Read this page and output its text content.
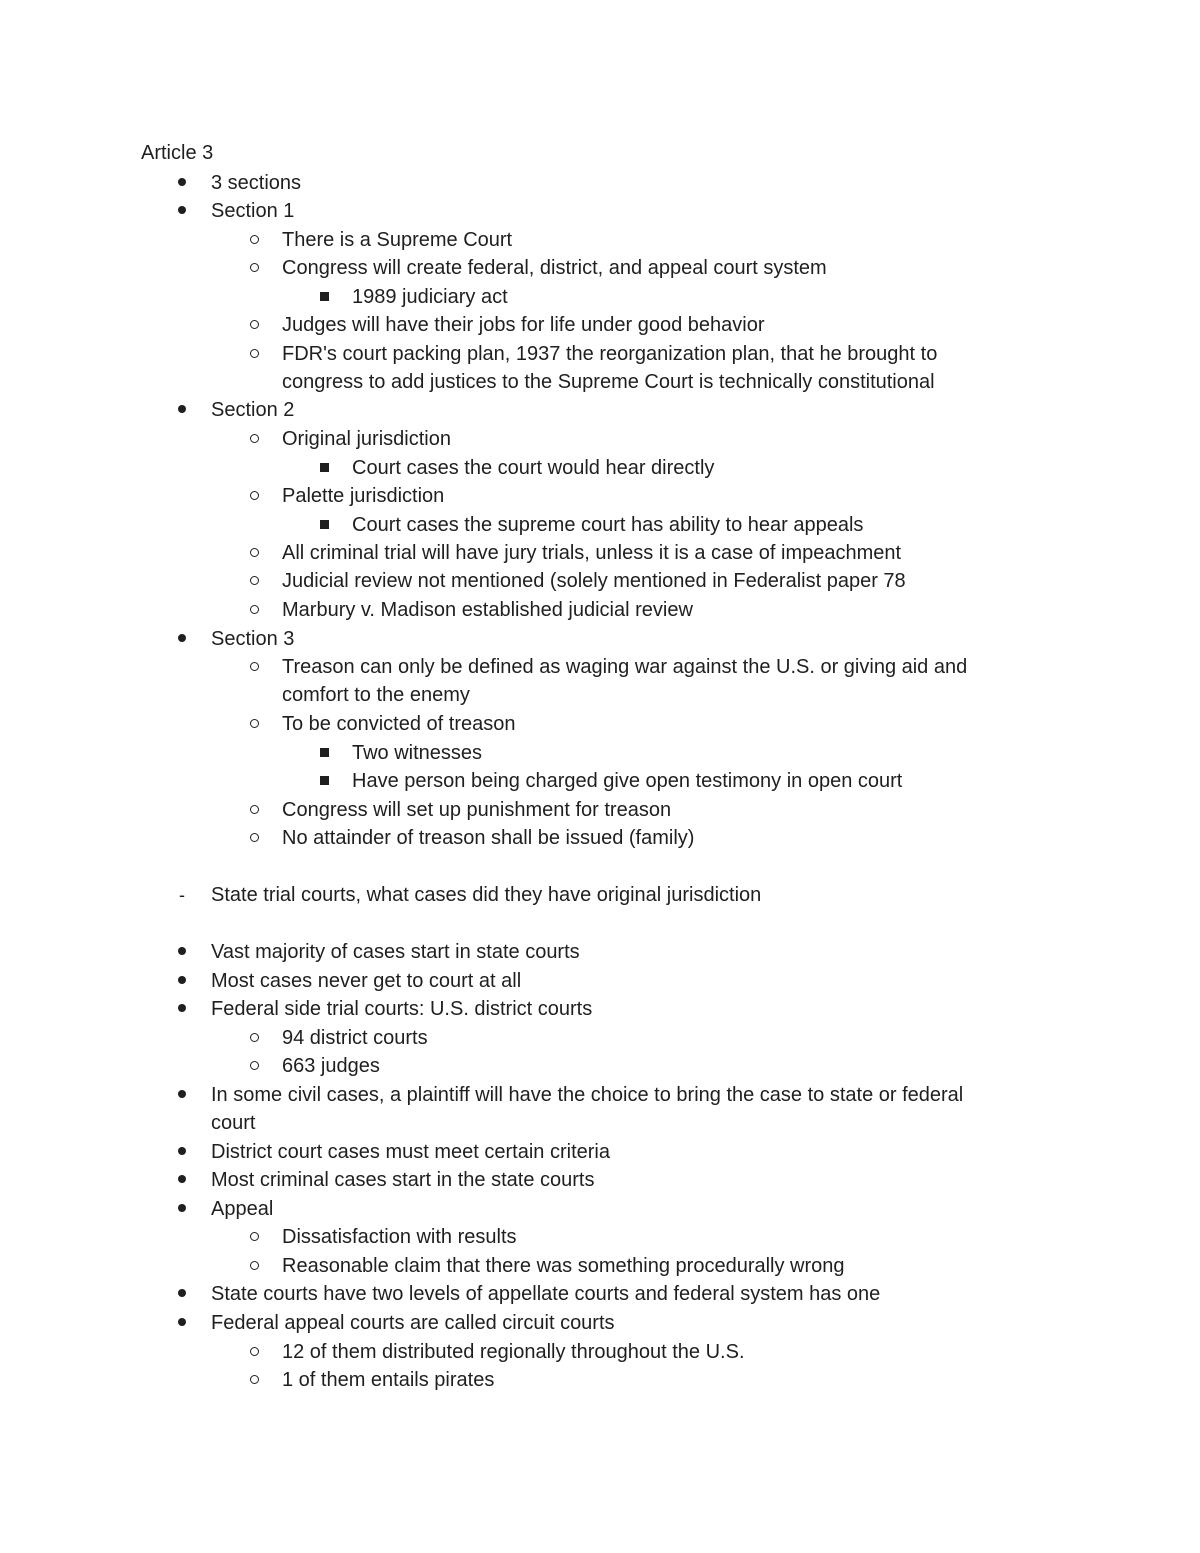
Article 3
3 sections
Section 1
There is a Supreme Court
Congress will create federal, district, and appeal court system
1989 judiciary act
Judges will have their jobs for life under good behavior
FDR's court packing plan, 1937 the reorganization plan, that he brought to
congress to add justices to the Supreme Court is technically constitutional
Section 2
Original jurisdiction
Court cases the court would hear directly
Palette jurisdiction
Court cases the supreme court has ability to hear appeals
All criminal trial will have jury trials, unless it is a case of impeachment
Judicial review not mentioned (solely mentioned in Federalist paper 78
Marbury v. Madison established judicial review
Section 3
Treason can only be defined as waging war against the U.S. or giving aid and
comfort to the enemy
To be convicted of treason
Two witnesses
Have person being charged give open testimony in open court
Congress will set up punishment for treason
No attainder of treason shall be issued (family)
-	State trial courts, what cases did they have original jurisdiction
Vast majority of cases start in state courts
Most cases never get to court at all
Federal side trial courts: U.S. district courts
94 district courts
663 judges
In some civil cases, a plaintiff will have the choice to bring the case to state or federal
court
District court cases must meet certain criteria
Most criminal cases start in the state courts
Appeal
Dissatisfaction with results
Reasonable claim that there was something procedurally wrong
State courts have two levels of appellate courts and federal system has one
Federal appeal courts are called circuit courts
12 of them distributed regionally throughout the U.S.
1 of them entails pirates
